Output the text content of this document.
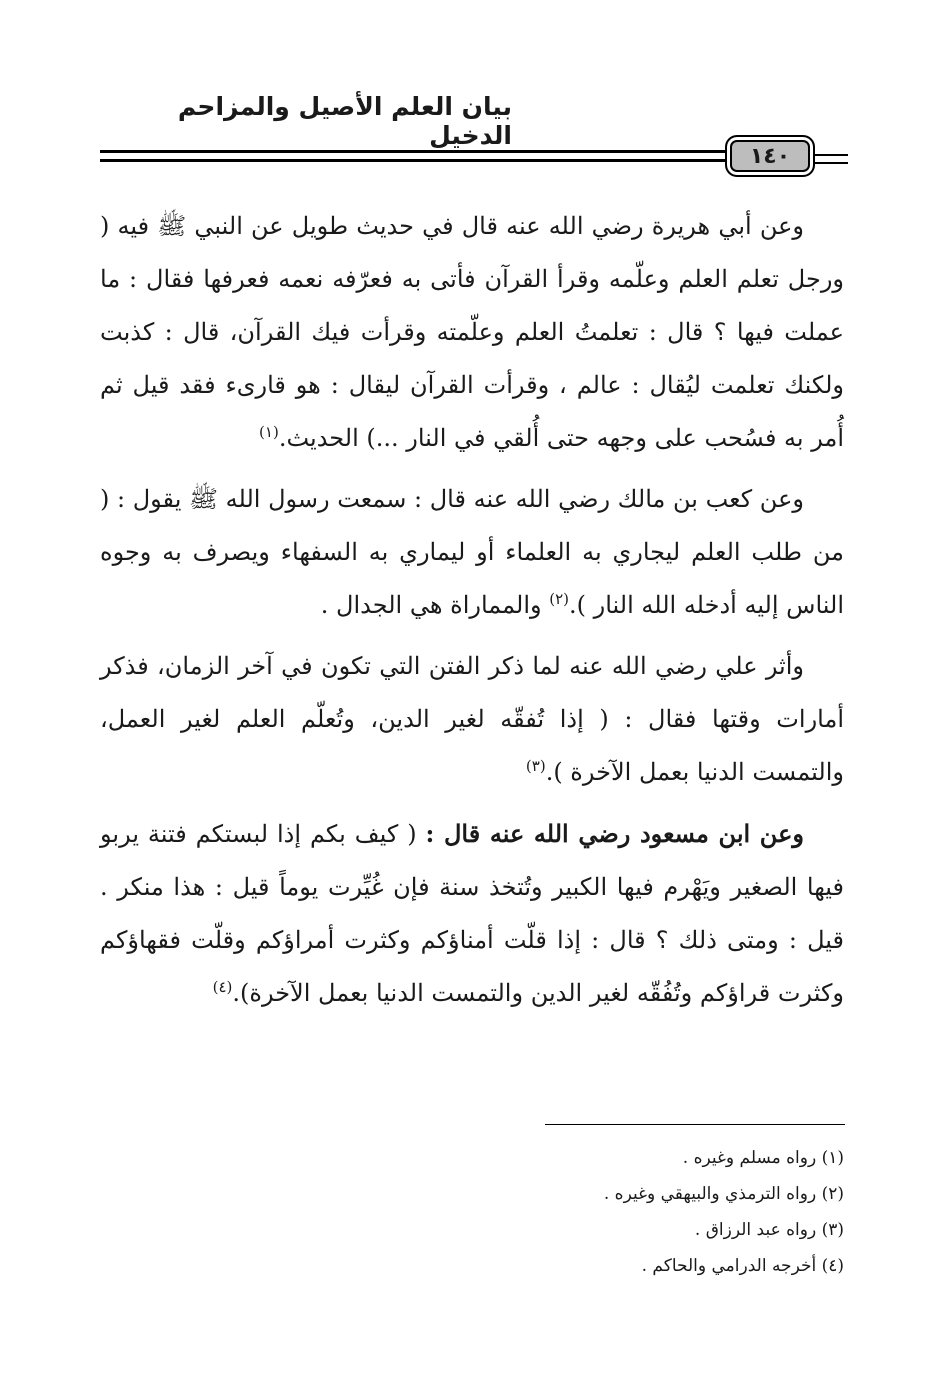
بيان العلم الأصيل والمزاحم الدخيل
١٤٠

وعن أبي هريرة رضي الله عنه قال في حديث طويل عن النبي ﷺ فيه ( ورجل تعلم العلم وعلّمه وقرأ القرآن فأتى به فعرّفه نعمه فعرفها فقال : ما عملت فيها ؟ قال : تعلمتُ العلم وعلّمته وقرأت فيك القرآن، قال : كذبت ولكنك تعلمت ليُقال : عالم ، وقرأت القرآن ليقال : هو قارىء فقد قيل ثم أُمر به فسُحب على وجهه حتى أُلقي في النار ...) الحديث.$^{(١)}$

وعن كعب بن مالك رضي الله عنه قال : سمعت رسول الله ﷺ يقول : ( من طلب العلم ليجاري به العلماء أو ليماري به السفهاء ويصرف به وجوه الناس إليه أدخله الله النار ).$^{(٢)}$ والمماراة هي الجدال .

وأثر علي رضي الله عنه لما ذكر الفتن التي تكون في آخر الزمان، فذكر أمارات وقتها فقال : ( إذا تُفقّه لغير الدين، وتُعلّم العلم لغير العمل، والتمست الدنيا بعمل الآخرة ).$^{(٣)}$

وعن ابن مسعود رضي الله عنه قال : ( كيف بكم إذا لبستكم فتنة يربو فيها الصغير ويَهْرم فيها الكبير وتُتخذ سنة فإن غُيِّرت يوماً قيل : هذا منكر . قيل : ومتى ذلك ؟ قال : إذا قلّت أمناؤكم وكثرت أمراؤكم وقلّت فقهاؤكم وكثرت قراؤكم وتُفُقّه لغير الدين والتمست الدنيا بعمل الآخرة).$^{(٤)}$

(١) رواه مسلم وغيره .
(٢) رواه الترمذي والبيهقي وغيره .
(٣) رواه عبد الرزاق .
(٤) أخرجه الدرامي والحاكم .
